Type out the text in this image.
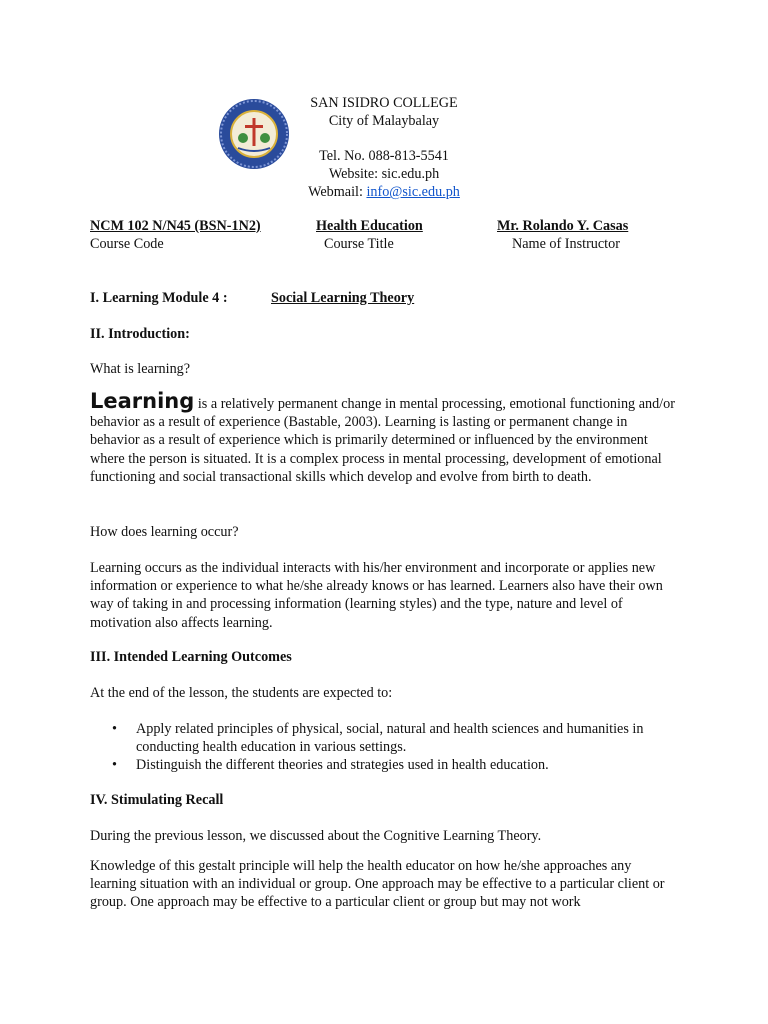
SAN ISIDRO COLLEGE
City of Malaybalay
Tel. No. 088-813-5541
Website: sic.edu.ph
Webmail: info@sic.edu.ph
NCM 102 N/N45 (BSN-1N2)
Course Code
Health Education
Course Title
Mr. Rolando Y. Casas
Name of Instructor
I. Learning Module 4 :	Social Learning Theory
II. Introduction:
What is learning?
Learning is a relatively permanent change in mental processing, emotional functioning and/or behavior as a result of experience (Bastable, 2003). Learning is lasting or permanent change in behavior as a result of experience which is primarily determined or influenced by the environment where the person is situated. It is a complex process in mental processing, development of emotional functioning and social transactional skills which develop and evolve from birth to death.
How does learning occur?
Learning occurs as the individual interacts with his/her environment and incorporate or applies new information or experience to what he/she already knows or has learned. Learners also have their own way of taking in and processing information (learning styles) and the type, nature and level of motivation also affects learning.
III. Intended Learning Outcomes
At the end of the lesson, the students are expected to:
• Apply related principles of physical, social, natural and health sciences and humanities in conducting health education in various settings.
• Distinguish the different theories and strategies used in health education.
IV. Stimulating Recall
During the previous lesson, we discussed about the Cognitive Learning Theory.
Knowledge of this gestalt principle will help the health educator on how he/she approaches any learning situation with an individual or group. One approach may be effective to a particular client or group. One approach may be effective to a particular client or group but may not work
